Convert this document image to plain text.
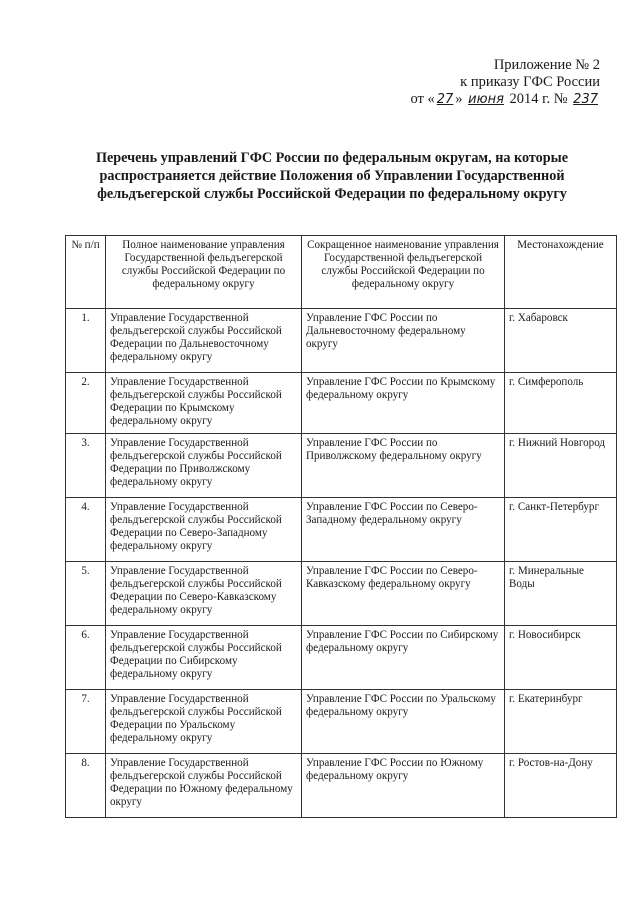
Приложение № 2
к приказу ГФС России
от « 27 » июня 2014 г. № 237
Перечень управлений ГФС России по федеральным округам, на которые распространяется действие Положения об Управлении Государственной фельдъегерской службы Российской Федерации по федеральному округу
№ п/п	Полное наименование управления Государственной фельдъегерской службы Российской Федерации по федеральному округу	Сокращенное наименование управления Государственной фельдъегерской службы Российской Федерации по федеральному округу	Местонахождение
1.	Управление Государственной фельдъегерской службы Российской Федерации по Дальневосточному федеральному округу	Управление ГФС России по Дальневосточному федеральному округу	г. Хабаровск
2.	Управление Государственной фельдъегерской службы Российской Федерации по Крымскому федеральному округу	Управление ГФС России по Крымскому федеральному округу	г. Симферополь
3.	Управление Государственной фельдъегерской службы Российской Федерации по Приволжскому федеральному округу	Управление ГФС России по Приволжскому федеральному округу	г. Нижний Новгород
4.	Управление Государственной фельдъегерской службы Российской Федерации по Северо-Западному федеральному округу	Управление ГФС России по Северо-Западному федеральному округу	г. Санкт-Петербург
5.	Управление Государственной фельдъегерской службы Российской Федерации по Северо-Кавказскому федеральному округу	Управление ГФС России по Северо-Кавказскому федеральному округу	г. Минеральные Воды
6.	Управление Государственной фельдъегерской службы Российской Федерации по Сибирскому федеральному округу	Управление ГФС России по Сибирскому федеральному округу	г. Новосибирск
7.	Управление Государственной фельдъегерской службы Российской Федерации по Уральскому федеральному округу	Управление ГФС России по Уральскому федеральному округу	г. Екатеринбург
8.	Управление Государственной фельдъегерской службы Российской Федерации по Южному федеральному округу	Управление ГФС России по Южному федеральному округу	г. Ростов-на-Дону
